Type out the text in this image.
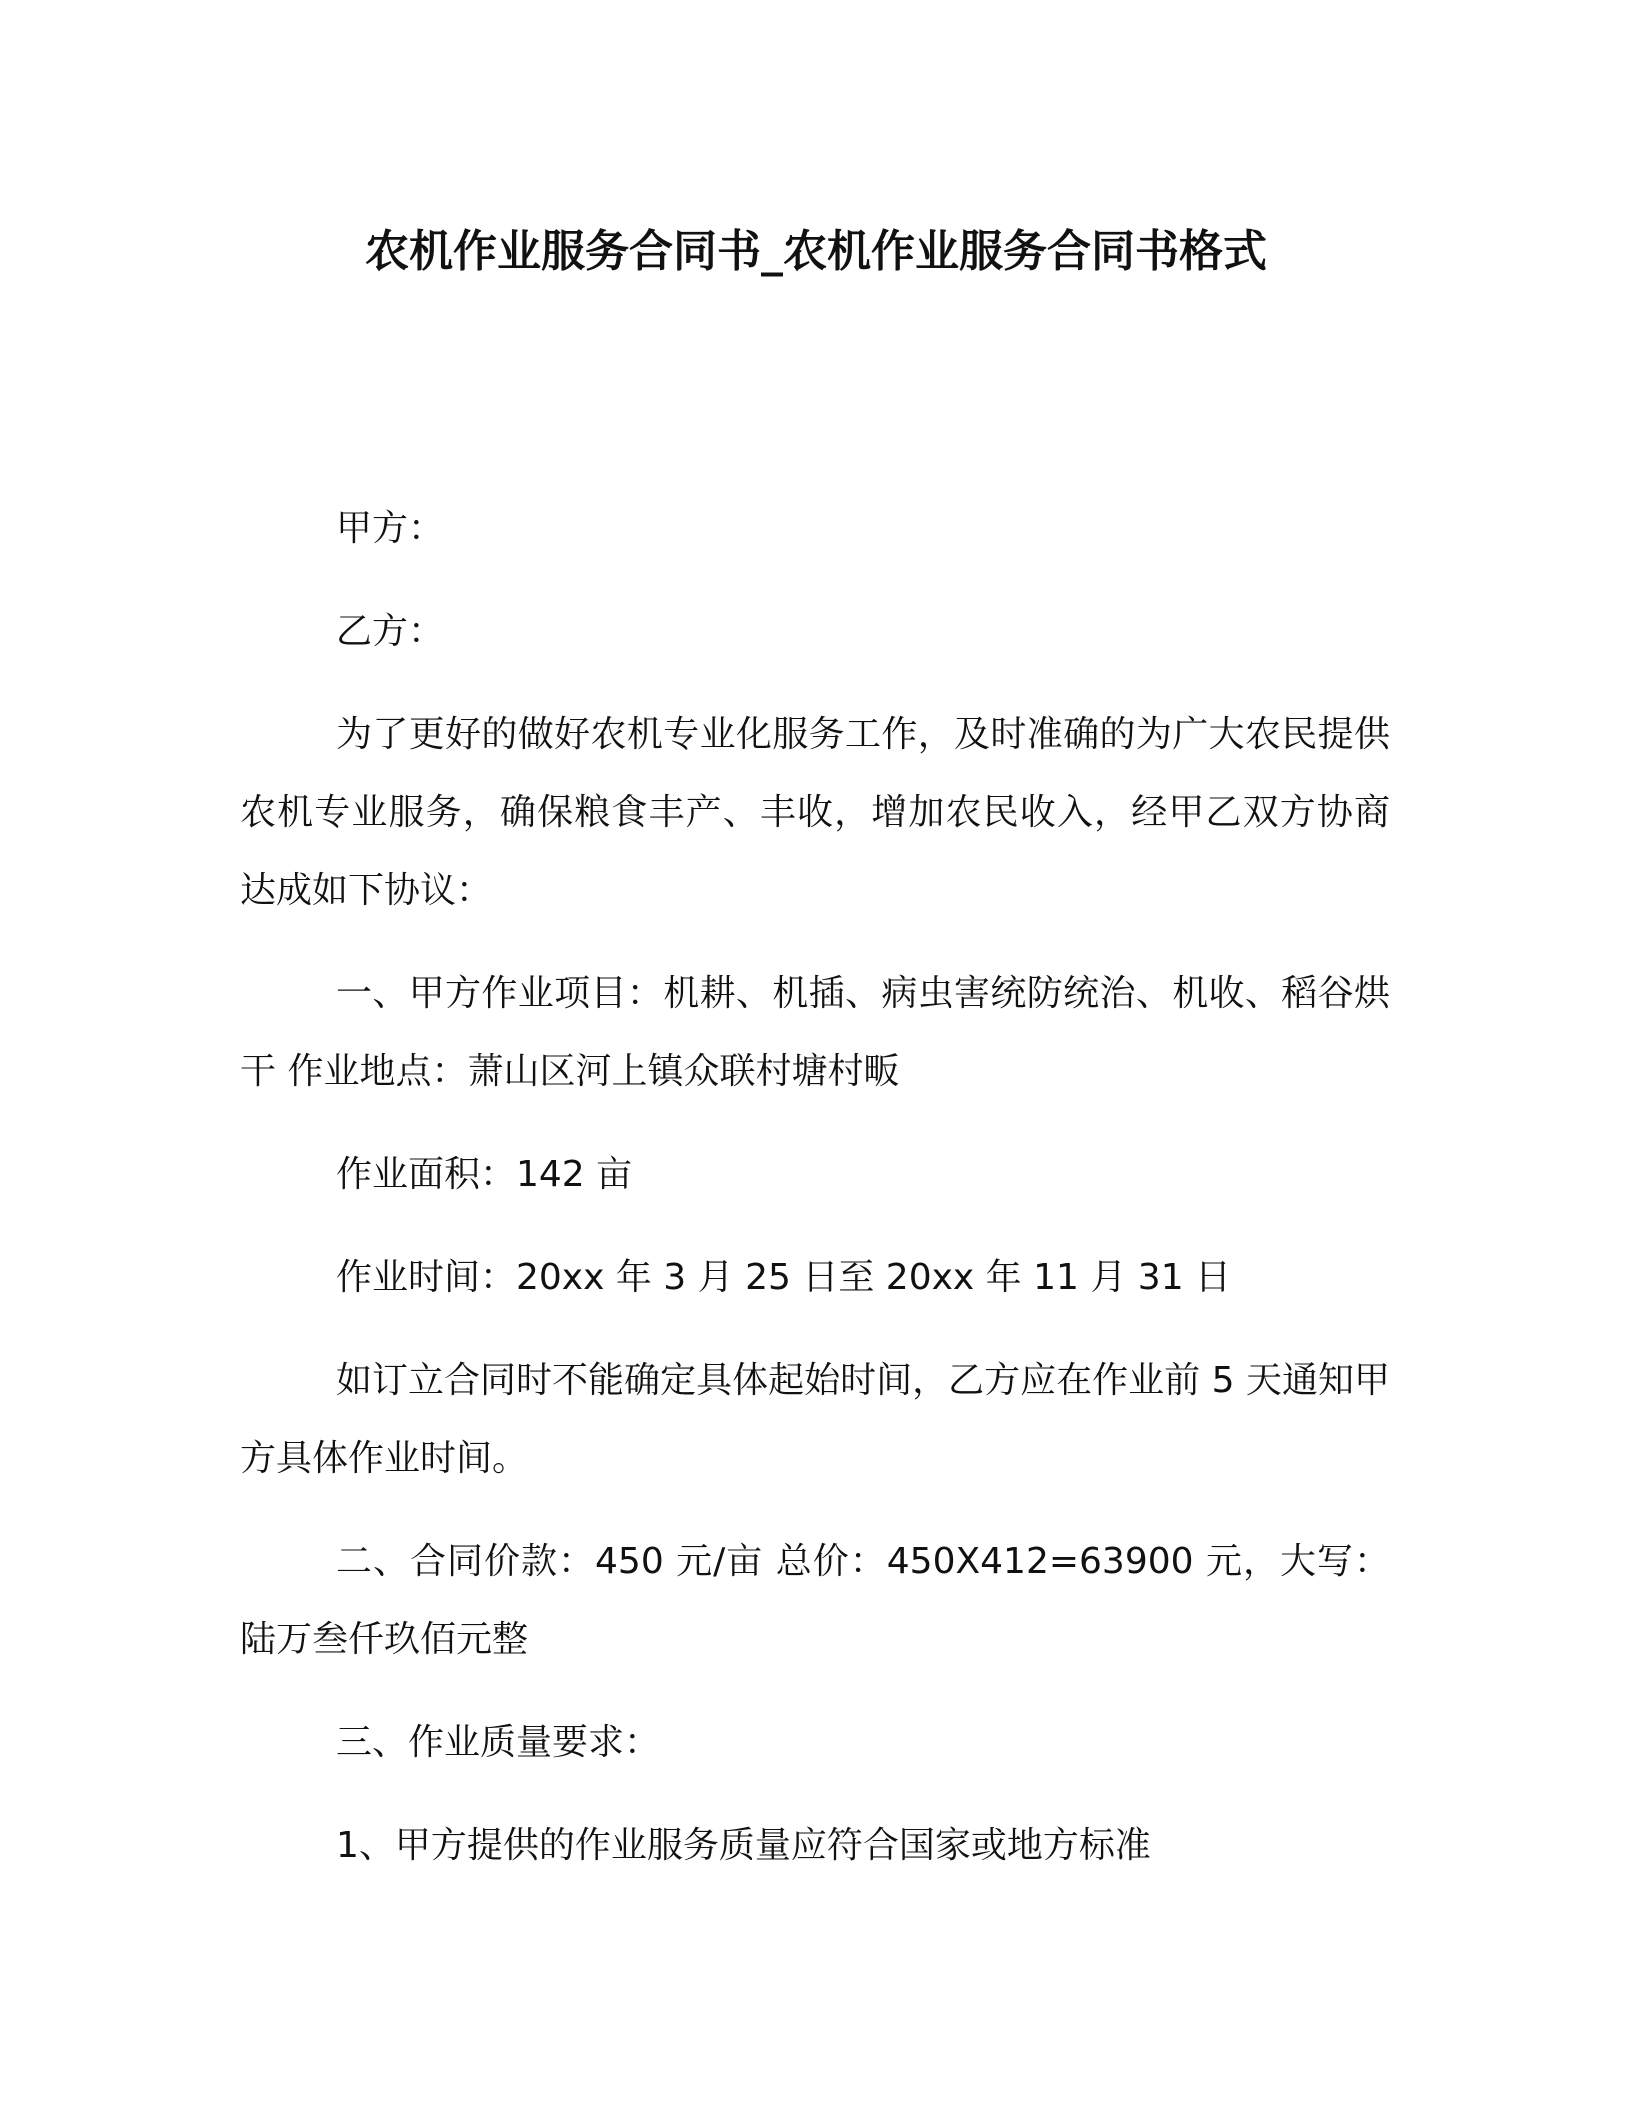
农机作业服务合同书_农机作业服务合同书格式

甲方：

乙方：

为了更好的做好农机专业化服务工作，及时准确的为广大农民提供农机专业服务，确保粮食丰产、丰收，增加农民收入，经甲乙双方协商达成如下协议：

一、甲方作业项目：机耕、机插、病虫害统防统治、机收、稻谷烘干 作业地点：萧山区河上镇众联村塘村畈

作业面积：142 亩

作业时间：20xx 年 3 月 25 日至 20xx 年 11 月 31 日

如订立合同时不能确定具体起始时间，乙方应在作业前 5 天通知甲方具体作业时间。

二、合同价款：450 元/亩 总价：450X412=63900 元，大写：陆万叁仟玖佰元整

三、作业质量要求：

1、甲方提供的作业服务质量应符合国家或地方标准
